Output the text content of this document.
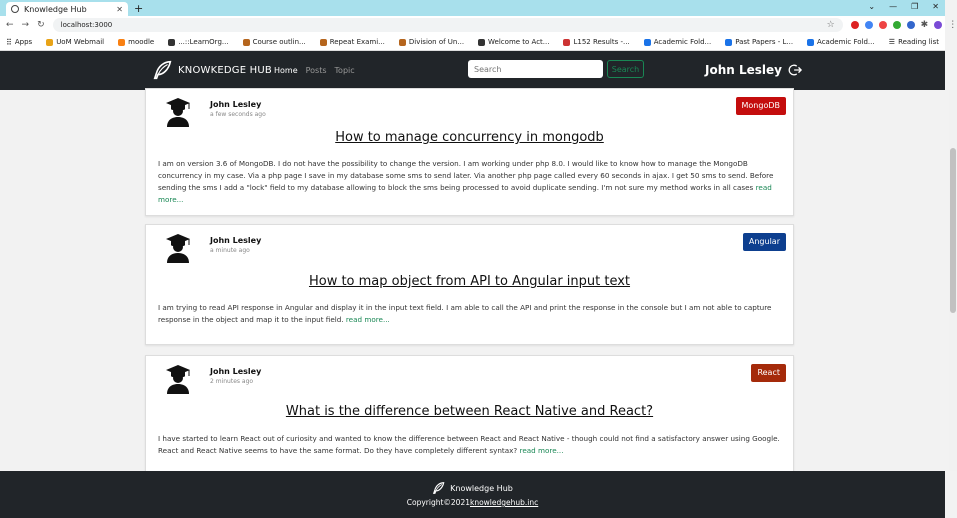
Knowledge Hub	✕ +	⌄ — ❐ ✕
← → ↻ localhost:3000	☆	✱ ⋮
⠿ Apps	UoM Webmail	moodle	...::LearnOrg...	Course outlin...	Repeat Exami...	Division of Un...	Welcome to Act...	L152 Results -...	Academic Fold...	Past Papers - L...	Academic Fold... ☰ Reading list
KNOWKEDGE HUB Home Posts Topic
Search	Search	John Lesley
John Lesley
a few seconds ago
MongoDB
How to manage concurrency in mongodb

I am on version 3.6 of MongoDB. I do not have the possibility to change the version. I am working under php 8.0. I would like to know how to manage the MongoDB concurrency in my case. Via a php page I save in my database some sms to send later. Via another php page called every 60 seconds in ajax. I get 50 sms to send. Before sending the sms I add a "lock" field to my database allowing to block the sms being processed to avoid duplicate sending. I'm not sure my method works in all cases read more...

John Lesley
a minute ago
Angular
How to map object from API to Angular input text

I am trying to read API response in Angular and display it in the input text field. I am able to call the API and print the response in the console but I am not able to capture response in the object and map it to the input field. read more...

John Lesley
2 minutes ago
React
What is the difference between React Native and React?

I have started to learn React out of curiosity and wanted to know the difference between React and React Native - though could not find a satisfactory answer using Google. React and React Native seems to have the same format. Do they have completely different syntax? read more...

Knowledge Hub
Copyright©2021knowledgehub.inc
